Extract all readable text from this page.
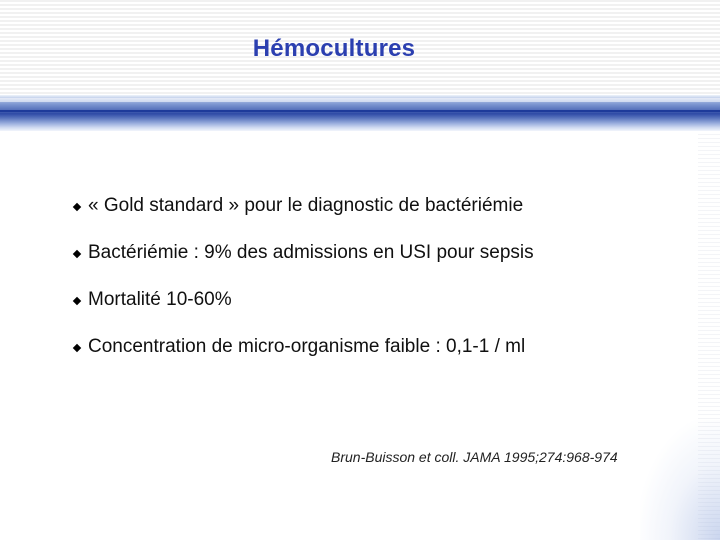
Hémocultures
« Gold standard » pour le diagnostic de bactériémie
Bactériémie : 9% des admissions en USI pour sepsis
Mortalité 10-60%
Concentration de micro-organisme faible : 0,1-1 / ml
Brun-Buisson et coll. JAMA 1995;274:968-974
